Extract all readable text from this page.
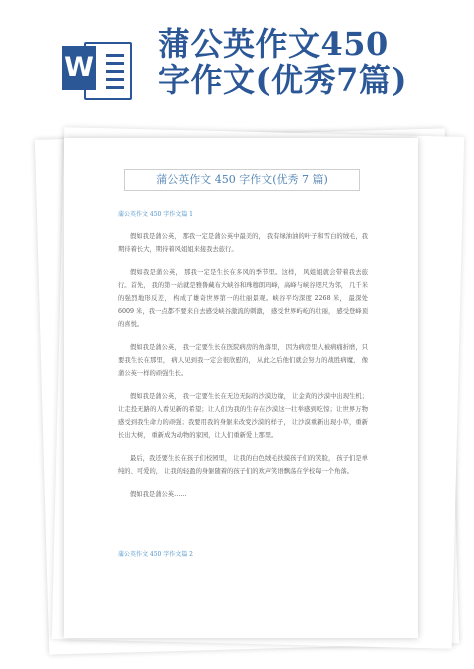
W
蒲公英作文450
字作文(优秀7篇)
蒲公英作文 450 字作文(优秀 7 篇)
蒲公英作文 450 字作文篇 1

假如我是蒲公英， 那我一定是蒲公英中最美的， 我有绿油油的叶子和雪白的绒毛，我期待着长大，期待着风姐姐来接我去旅行。

假如我是蒲公英， 那我一定是生长在多风的季节里。这样， 风姐姐就会带着我去旅行。首先， 我的第一站就是雅鲁藏布大峡谷和珠穆朗玛峰，高峰与峡谷咫尺为邻， 几千米的强烈地形反差， 构成了雄奇世界第一的壮丽景观。峡谷平均深度 2268 米， 最深处 6009 米，我一点都不要来自去感受峡谷激流的刺激， 感受世界屿屹的壮丽， 感受登峰顶的喜悦。

假如我是蒲公英， 我一定要生长在医院病房的角落里， 因为病房里人被病痛折磨，只要我生长在那里， 病人见到我一定会很欣慰的， 从此之后他们就会努力的战胜病魔， 像蒲公英一样的顽强生长。

假如我是蒲公英， 我一定要生长在无边无际的沙漠边缘， 让金黄的沙漠中出现生机；让走投无路的人看见新的希望；让人们为我的生存在沙漠这一壮举感到吃惊；让世界万物感受到我生命力的顽强；我要用我的身躯来改变沙漠的样子， 让沙漠重新出现小草，重新长出大树， 重新成为动物的家园，让人们重新爱上那里。

最后，我还要生长在孩子们校园里， 让我的白色绒毛扶摸孩子们的笑脸， 孩子们是单纯的、可爱的， 让我的轻盈的身躯随着的孩子们的欢声笑语飘荡在学校每一个角落。

假如我是蒲公英……

蒲公英作文 450 字作文篇 2
